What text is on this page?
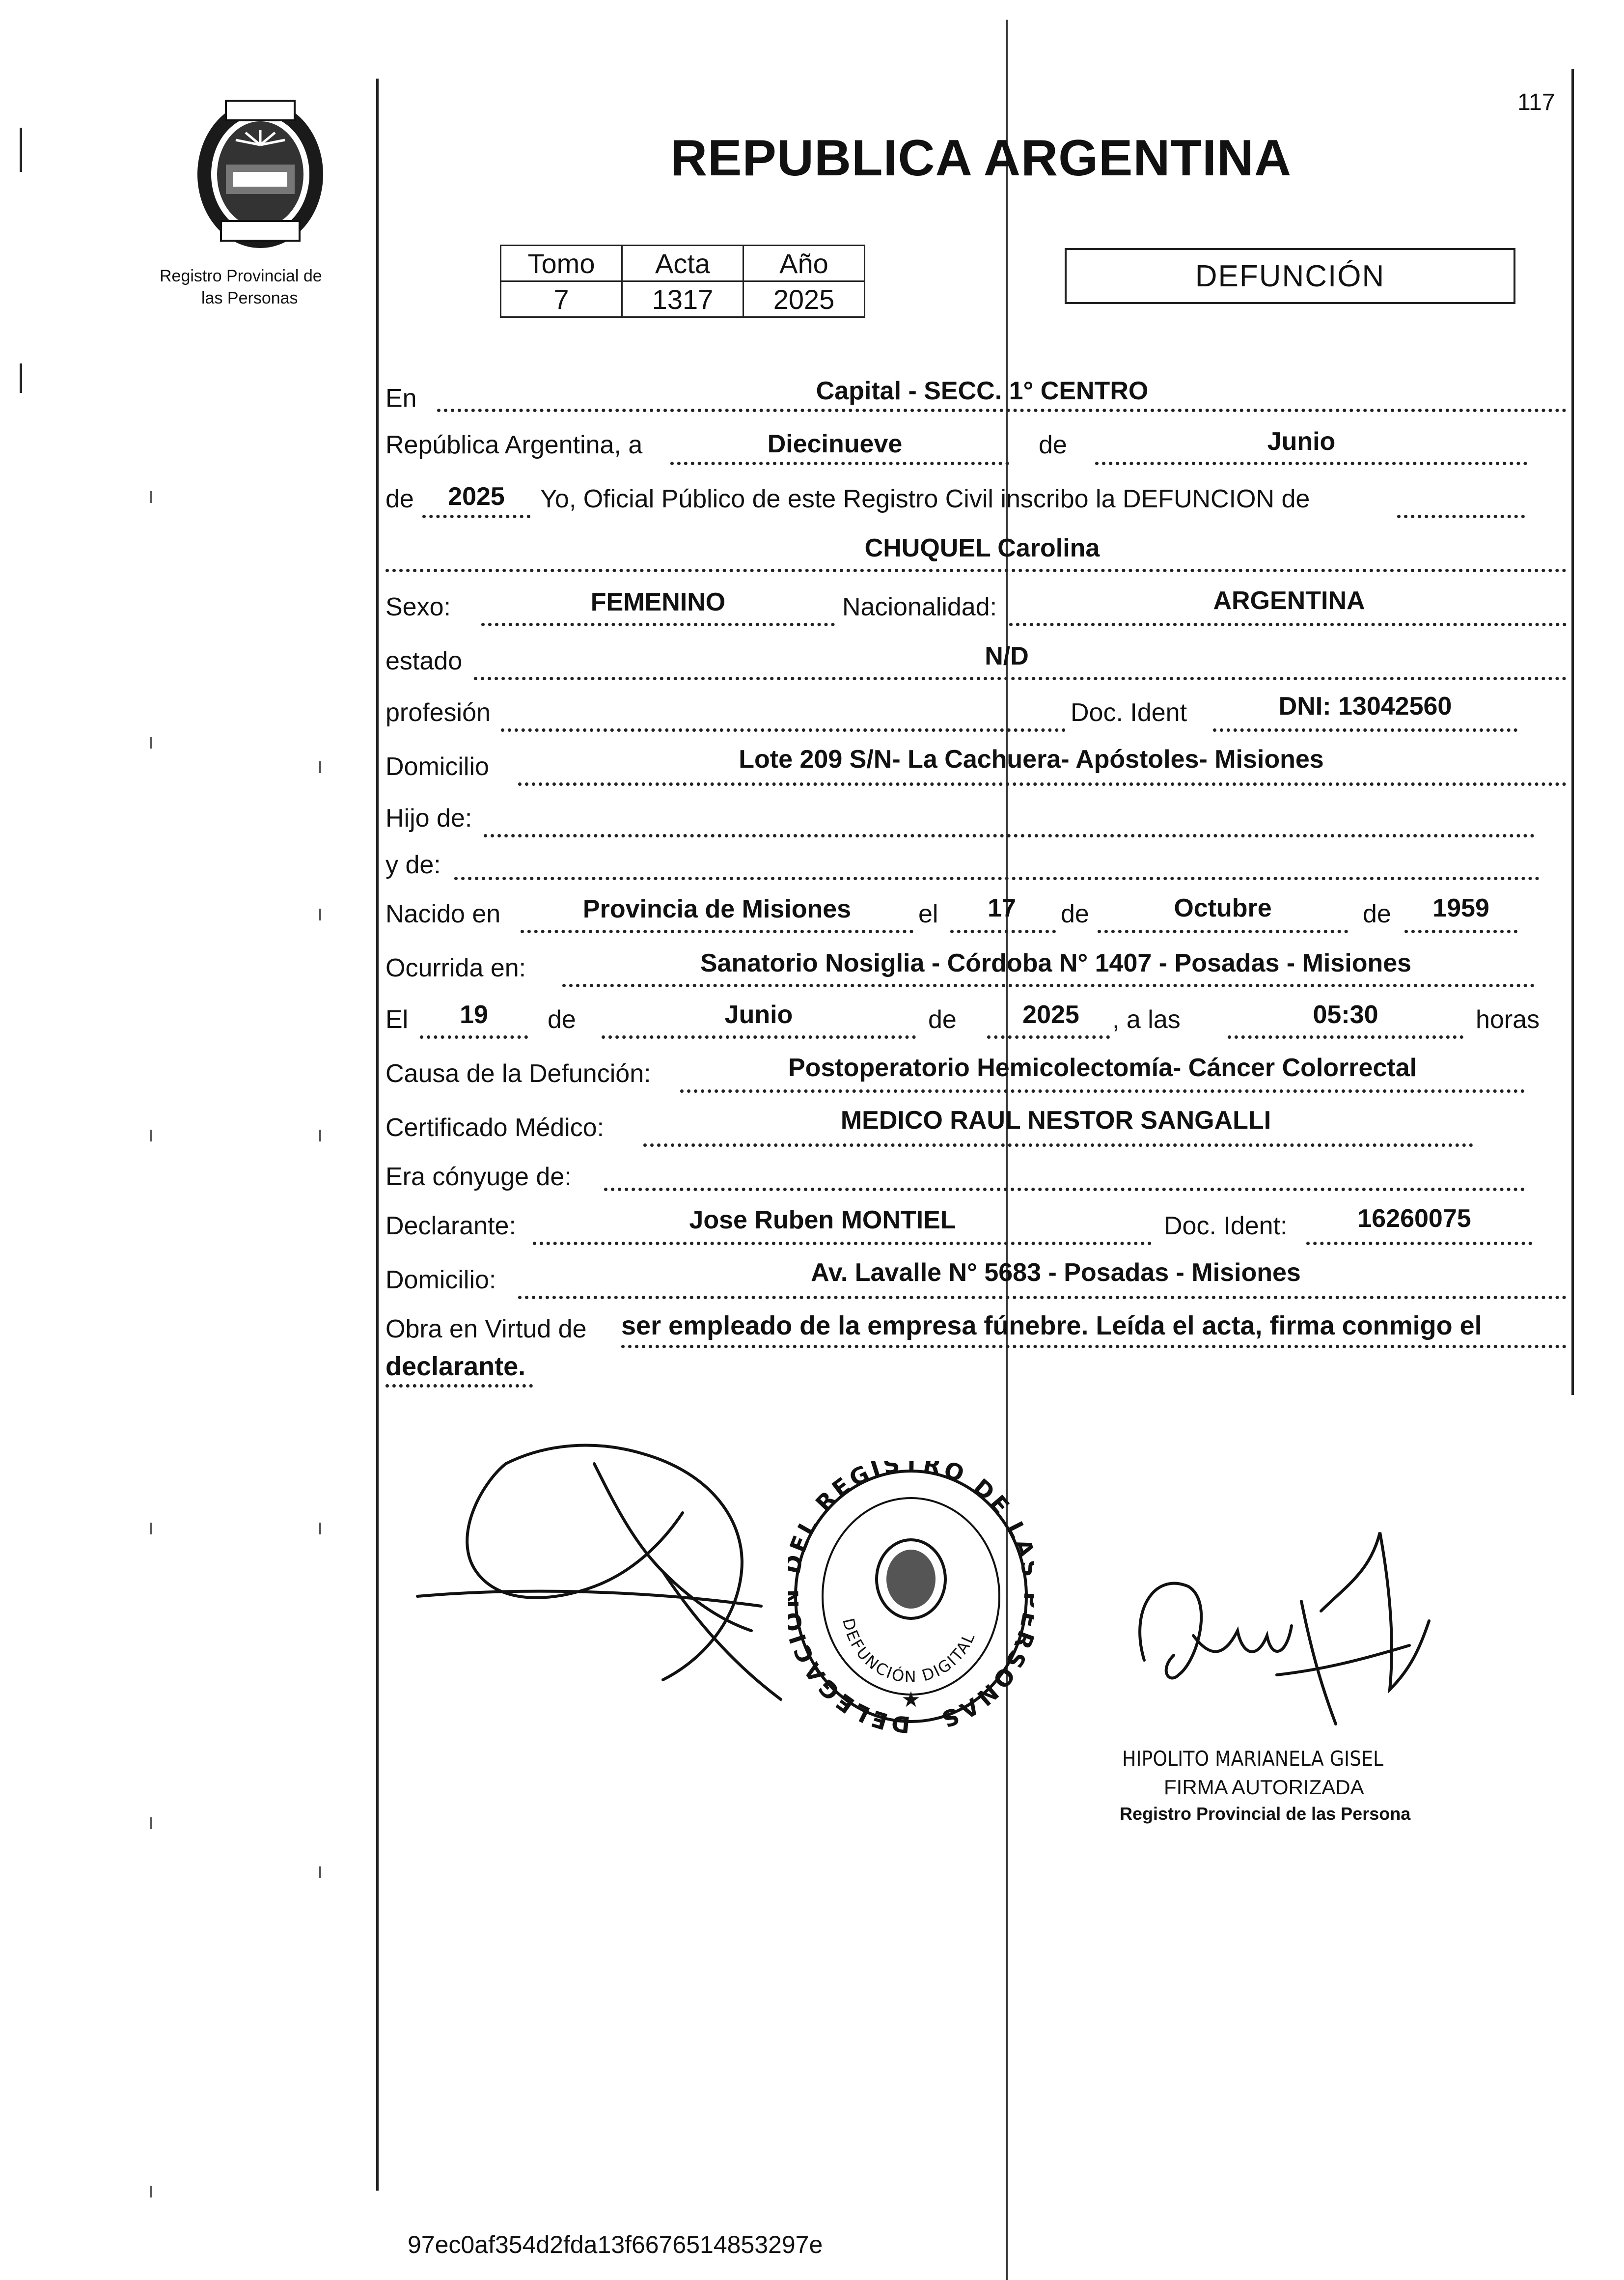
117
Registro Provincial de
las Personas
REPUBLICA ARGENTINA
Tomo	Acta	Año
7	1317	2025
DEFUNCIÓN
En	Capital - SECC. 1° CENTRO
República Argentina, a	Diecinueve	de	Junio
de	2025	Yo, Oficial Público de este Registro Civil inscribo la DEFUNCION de
CHUQUEL Carolina
Sexo:	FEMENINO	Nacionalidad:	ARGENTINA
estado	N/D
profesión	Doc. Ident	DNI: 13042560
Domicilio	Lote 209 S/N- La Cachuera- Apóstoles- Misiones
Hijo de:
y de:
Nacido en	Provincia de Misiones	el	17	de	Octubre	de	1959
Ocurrida en:	Sanatorio Nosiglia - Córdoba N° 1407 - Posadas - Misiones
El	19	de	Junio	de	2025	, a las	05:30	horas
Causa de la Defunción:	Postoperatorio Hemicolectomía- Cáncer Colorrectal
Certificado Médico:	MEDICO RAUL NESTOR SANGALLI
Era cónyuge de:
Declarante:	Jose Ruben MONTIEL	Doc. Ident:	16260075
Domicilio:	Av. Lavalle N° 5683 - Posadas - Misiones
Obra en Virtud de ser empleado de la empresa fúnebre. Leída el acta, firma conmigo el
declarante.
DELEGAC L REGISTRO DE L SONAS
DEFUNCIÓN DIGITAL
★
HIPOLITO MARIANELA GISEL
FIRMA AUTORIZADA
Registro Provincial de las Persona
97ec0af354d2fda13f6676514853297e
